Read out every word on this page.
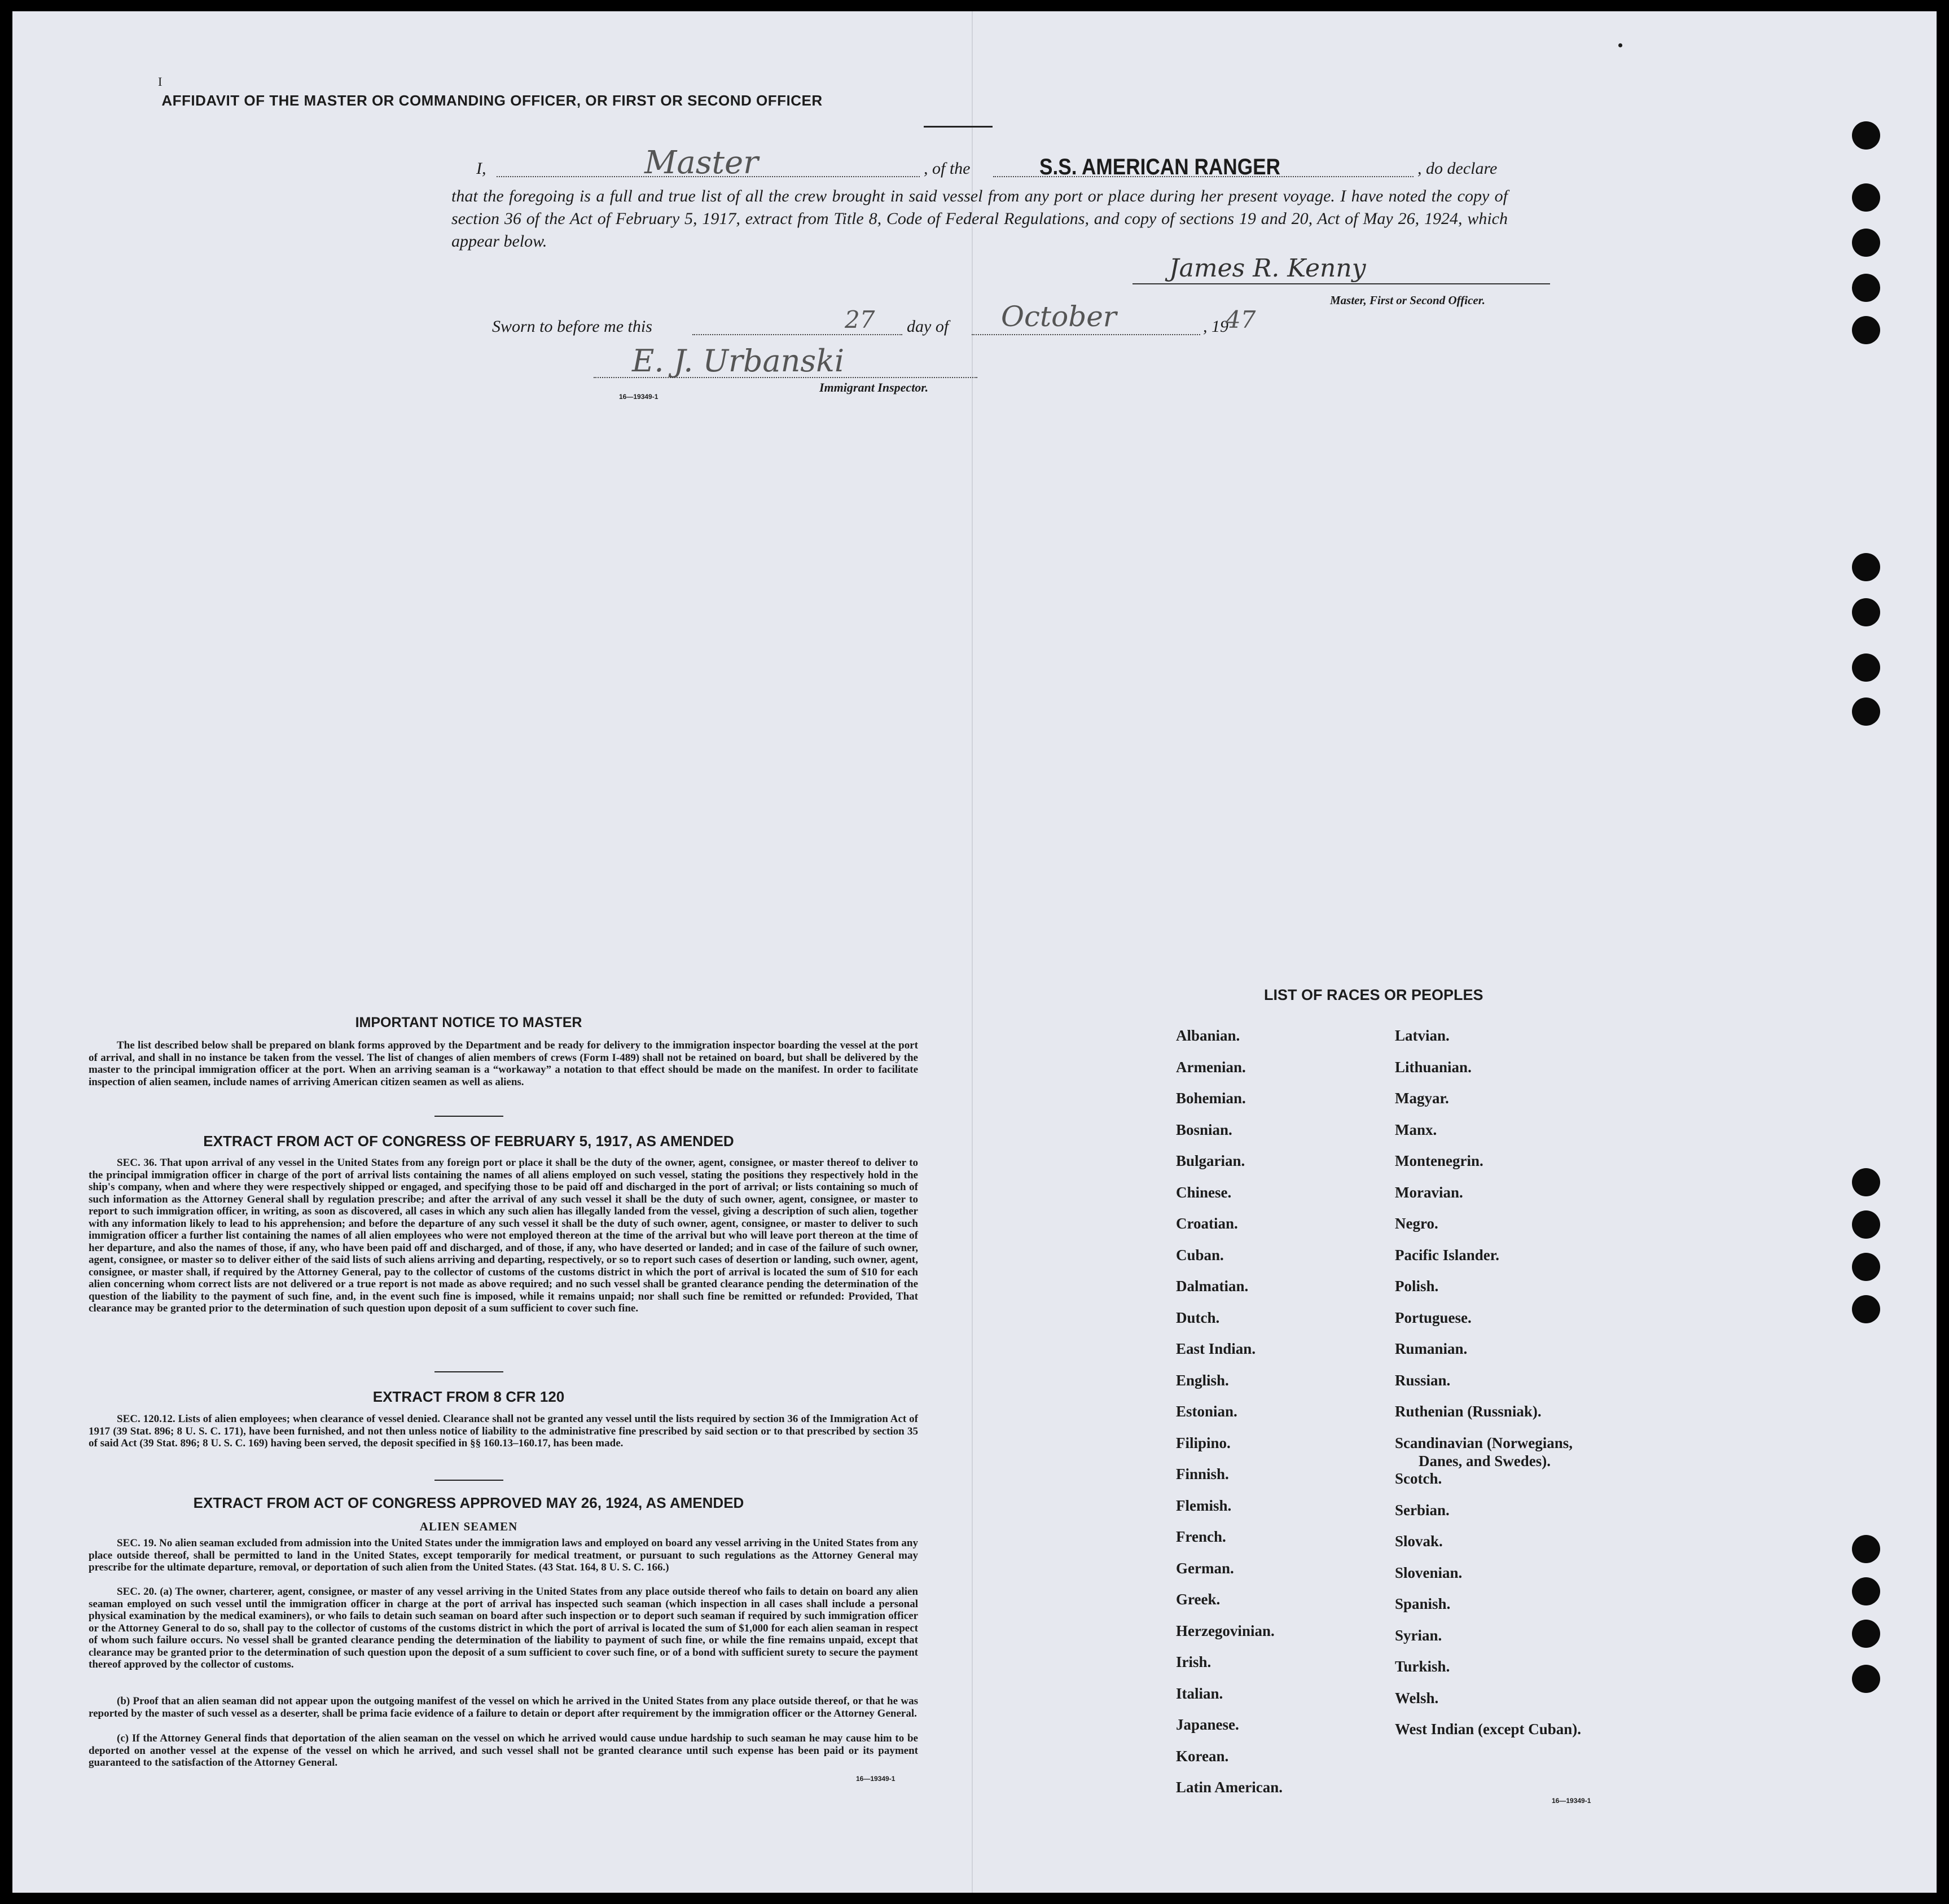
I
•
AFFIDAVIT OF THE MASTER OR COMMANDING OFFICER, OR FIRST OR SECOND OFFICER
I,	Master	, of the	S.S. AMERICAN RANGER	, do declare
that the foregoing is a full and true list of all the crew brought in said vessel from any port or place during her present voyage. I have noted the copy of section 36 of the Act of February 5, 1917, extract from Title 8, Code of Federal Regulations, and copy of sections 19 and 20, Act of May 26, 1924, which appear below.
James R. Kenny
Master, First or Second Officer.
Sworn to before me this	27 day of October	, 19
47
E. J. Urbanski
Immigrant Inspector.
16—19349-1
IMPORTANT NOTICE TO MASTER
The list described below shall be prepared on blank forms approved by the Department and be ready for delivery to the immigration inspector boarding the vessel at the port of arrival, and shall in no instance be taken from the vessel. The list of changes of alien members of crews (Form I-489) shall not be retained on board, but shall be delivered by the master to the principal immigration officer at the port. When an arriving seaman is a “workaway” a notation to that effect should be made on the manifest. In order to facilitate inspection of alien seamen, include names of arriving American citizen seamen as well as aliens.
EXTRACT FROM ACT OF CONGRESS OF FEBRUARY 5, 1917, AS AMENDED
SEC. 36. That upon arrival of any vessel in the United States from any foreign port or place it shall be the duty of the owner, agent, consignee, or master thereof to deliver to the principal immigration officer in charge of the port of arrival lists containing the names of all aliens employed on such vessel, stating the positions they respectively hold in the ship's company, when and where they were respectively shipped or engaged, and specifying those to be paid off and discharged in the port of arrival; or lists containing so much of such information as the Attorney General shall by regulation prescribe; and after the arrival of any such vessel it shall be the duty of such owner, agent, consignee, or master to report to such immigration officer, in writing, as soon as discovered, all cases in which any such alien has illegally landed from the vessel, giving a description of such alien, together with any information likely to lead to his apprehension; and before the departure of any such vessel it shall be the duty of such owner, agent, consignee, or master to deliver to such immigration officer a further list containing the names of all alien employees who were not employed thereon at the time of the arrival but who will leave port thereon at the time of her departure, and also the names of those, if any, who have been paid off and discharged, and of those, if any, who have deserted or landed; and in case of the failure of such owner, agent, consignee, or master so to deliver either of the said lists of such aliens arriving and departing, respectively, or so to report such cases of desertion or landing, such owner, agent, consignee, or master shall, if required by the Attorney General, pay to the collector of customs of the customs district in which the port of arrival is located the sum of $10 for each alien concerning whom correct lists are not delivered or a true report is not made as above required; and no such vessel shall be granted clearance pending the determination of the question of the liability to the payment of such fine, and, in the event such fine is imposed, while it remains unpaid; nor shall such fine be remitted or refunded: Provided, That clearance may be granted prior to the determination of such question upon deposit of a sum sufficient to cover such fine.
EXTRACT FROM 8 CFR 120
SEC. 120.12. Lists of alien employees; when clearance of vessel denied. Clearance shall not be granted any vessel until the lists required by section 36 of the Immigration Act of 1917 (39 Stat. 896; 8 U. S. C. 171), have been furnished, and not then unless notice of liability to the administrative fine prescribed by said section or to that prescribed by section 35 of said Act (39 Stat. 896; 8 U. S. C. 169) having been served, the deposit specified in §§ 160.13–160.17, has been made.
EXTRACT FROM ACT OF CONGRESS APPROVED MAY 26, 1924, AS AMENDED
ALIEN SEAMEN
SEC. 19. No alien seaman excluded from admission into the United States under the immigration laws and employed on board any vessel arriving in the United States from any place outside thereof, shall be permitted to land in the United States, except temporarily for medical treatment, or pursuant to such regulations as the Attorney General may prescribe for the ultimate departure, removal, or deportation of such alien from the United States. (43 Stat. 164, 8 U. S. C. 166.)
SEC. 20. (a) The owner, charterer, agent, consignee, or master of any vessel arriving in the United States from any place outside thereof who fails to detain on board any alien seaman employed on such vessel until the immigration officer in charge at the port of arrival has inspected such seaman (which inspection in all cases shall include a personal physical examination by the medical examiners), or who fails to detain such seaman on board after such inspection or to deport such seaman if required by such immigration officer or the Attorney General to do so, shall pay to the collector of customs of the customs district in which the port of arrival is located the sum of $1,000 for each alien seaman in respect of whom such failure occurs. No vessel shall be granted clearance pending the determination of the liability to payment of such fine, or while the fine remains unpaid, except that clearance may be granted prior to the determination of such question upon the deposit of a sum sufficient to cover such fine, or of a bond with sufficient surety to secure the payment thereof approved by the collector of customs.
(b) Proof that an alien seaman did not appear upon the outgoing manifest of the vessel on which he arrived in the United States from any place outside thereof, or that he was reported by the master of such vessel as a deserter, shall be prima facie evidence of a failure to detain or deport after requirement by the immigration officer or the Attorney General.
(c) If the Attorney General finds that deportation of the alien seaman on the vessel on which he arrived would cause undue hardship to such seaman he may cause him to be deported on another vessel at the expense of the vessel on which he arrived, and such vessel shall not be granted clearance until such expense has been paid or its payment guaranteed to the satisfaction of the Attorney General.
16—19349-1
LIST OF RACES OR PEOPLES
Albanian.
Armenian.
Bohemian.
Bosnian.
Bulgarian.
Chinese.
Croatian.
Cuban.
Dalmatian.
Dutch.
East Indian.
English.
Estonian.
Filipino.
Finnish.
Flemish.
French.
German.
Greek.
Herzegovinian.
Irish.
Italian.
Japanese.
Korean.
Latin American.
Latvian.
Lithuanian.
Magyar.
Manx.
Montenegrin.
Moravian.
Negro.
Pacific Islander.
Polish.
Portuguese.
Rumanian.
Russian.
Ruthenian (Russniak).
Scandinavian (Norwegians,
Danes, and Swedes).
Scotch.
Serbian.
Slovak.
Slovenian.
Spanish.
Syrian.
Turkish.
Welsh.
West Indian (except Cuban).
16—19349-1
